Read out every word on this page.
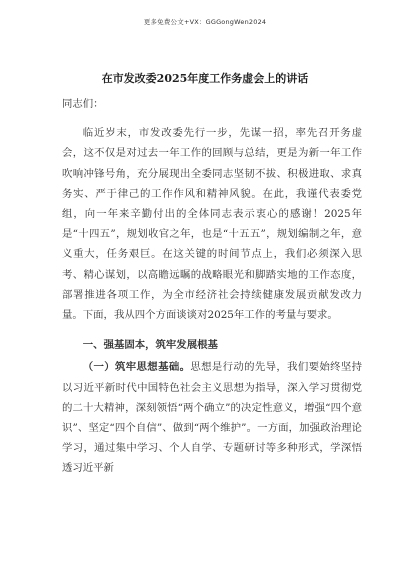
更多免费公文+VX：GGGongWen2024
在市发改委2025年度工作务虚会上的讲话

同志们：

临近岁末，市发改委先行一步，先谋一招，率先召开务虚会，这不仅是对过去一年工作的回顾与总结，更是为新一年工作吹响冲锋号角，充分展现出全委同志坚韧不拔、积极进取、求真务实、严于律己的工作作风和精神风貌。在此，我谨代表委党组，向一年来辛勤付出的全体同志表示衷心的感谢！2025年是“十四五”，规划收官之年，也是“十五五”，规划编制之年，意义重大，任务艰巨。在这关键的时间节点上，我们必须深入思考、精心谋划，以高瞻远瞩的战略眼光和脚踏实地的工作态度，部署推进各项工作，为全市经济社会持续健康发展贡献发改力量。下面，我从四个方面谈谈对2025年工作的考量与要求。

一、强基固本，筑牢发展根基

（一）筑牢思想基础。思想是行动的先导，我们要始终坚持以习近平新时代中国特色社会主义思想为指导，深入学习贯彻党的二十大精神，深刻领悟“两个确立”的决定性意义，增强“四个意识”、坚定“四个自信”、做到“两个维护”。一方面，加强政治理论学习，通过集中学习、个人自学、专题研讨等多种形式，学深悟透习近平新
